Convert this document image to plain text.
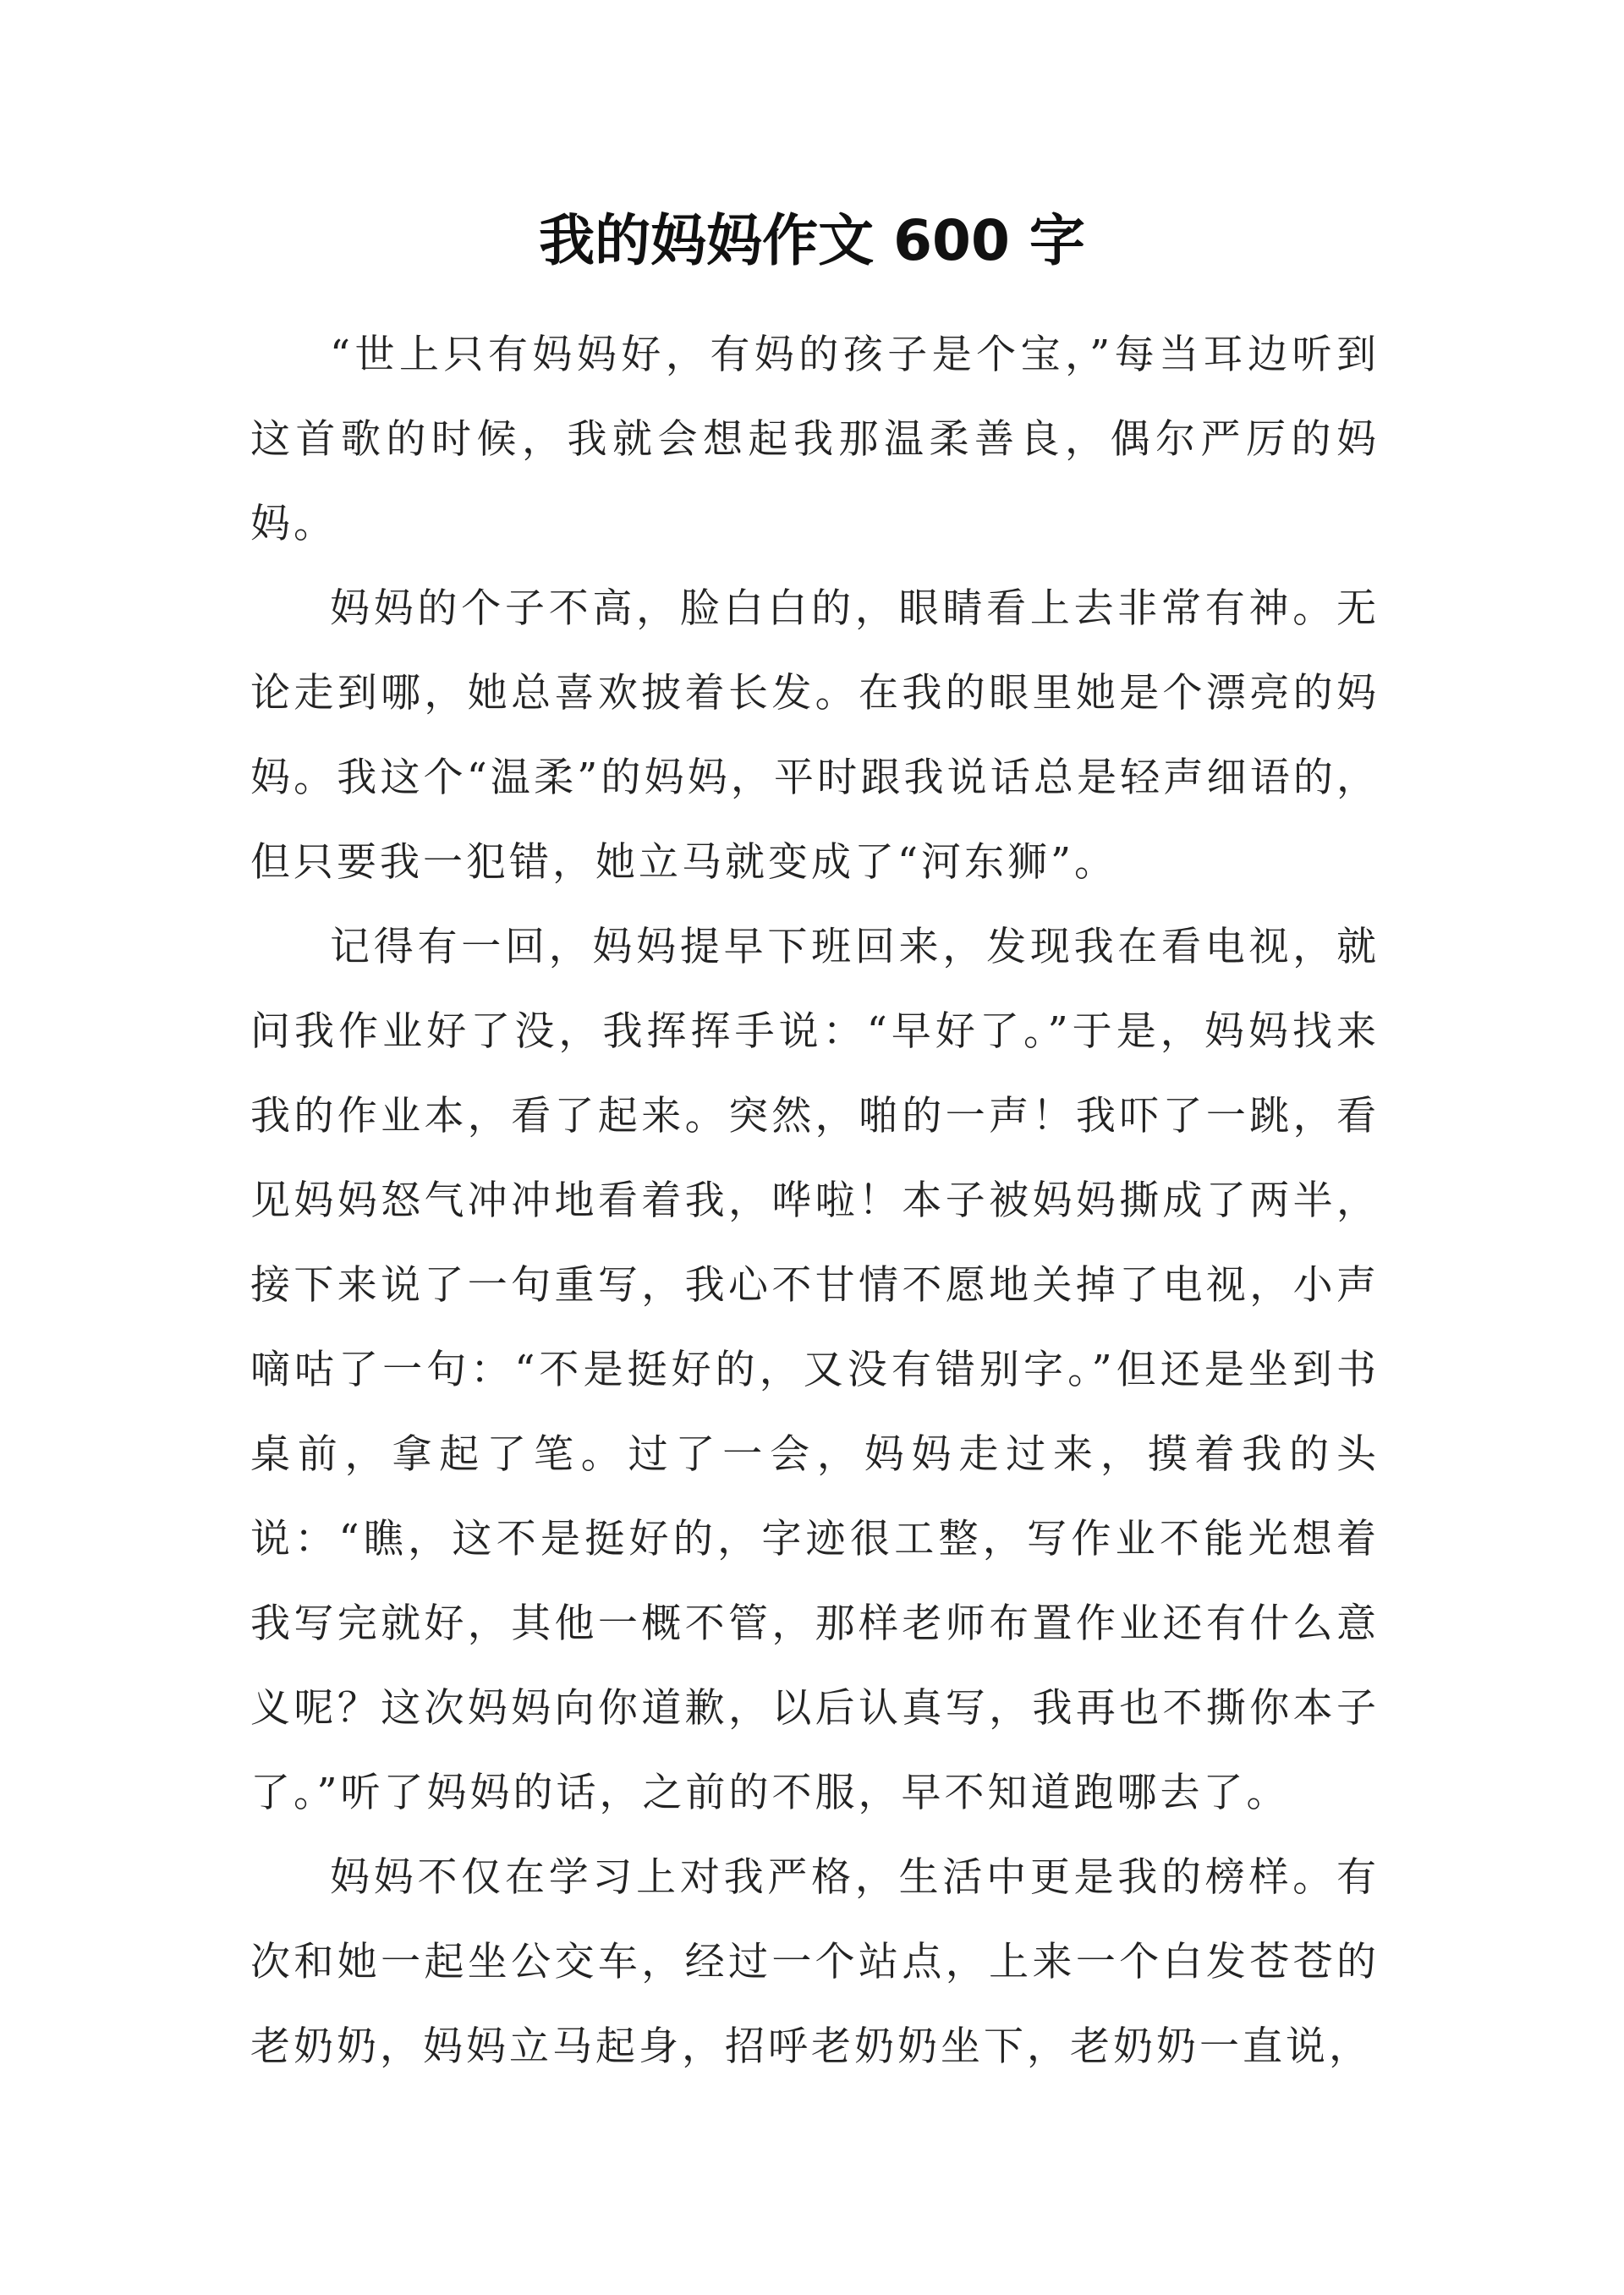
我的妈妈作文 600 字

“世上只有妈妈好，有妈的孩子是个宝，”每当耳边听到这首歌的时候，我就会想起我那温柔善良，偶尔严厉的妈妈。

妈妈的个子不高，脸白白的，眼睛看上去非常有神。无论走到哪，她总喜欢披着长发。在我的眼里她是个漂亮的妈妈。我这个“温柔”的妈妈，平时跟我说话总是轻声细语的，但只要我一犯错，她立马就变成了“河东狮”。

记得有一回，妈妈提早下班回来，发现我在看电视，就问我作业好了没，我挥挥手说：“早好了。”于是，妈妈找来我的作业本，看了起来。突然，啪的一声！我吓了一跳，看见妈妈怒气冲冲地看着我，哗啦！本子被妈妈撕成了两半，接下来说了一句重写，我心不甘情不愿地关掉了电视，小声嘀咕了一句：“不是挺好的，又没有错别字。”但还是坐到书桌前，拿起了笔。过了一会，妈妈走过来，摸着我的头说：“瞧，这不是挺好的，字迹很工整，写作业不能光想着我写完就好，其他一概不管，那样老师布置作业还有什么意义呢？这次妈妈向你道歉，以后认真写，我再也不撕你本子了。”听了妈妈的话，之前的不服，早不知道跑哪去了。

妈妈不仅在学习上对我严格，生活中更是我的榜样。有次和她一起坐公交车，经过一个站点，上来一个白发苍苍的老奶奶，妈妈立马起身，招呼老奶奶坐下，老奶奶一直说，
